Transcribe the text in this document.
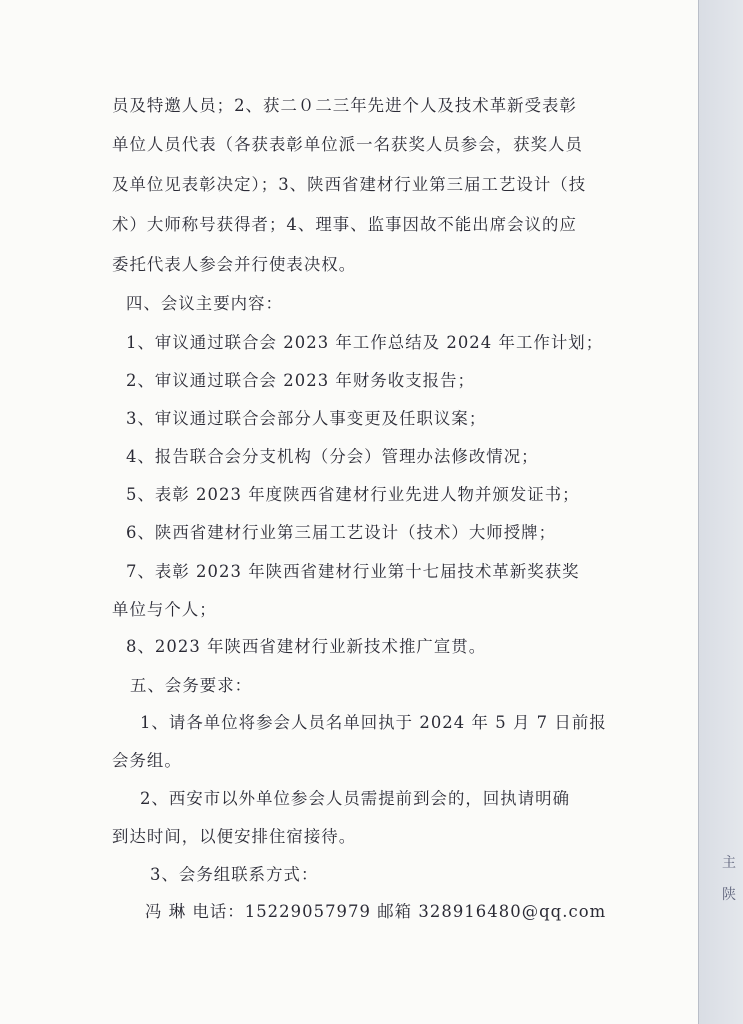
员及特邀人员；2、获二０二三年先进个人及技术革新受表彰
单位人员代表（各获表彰单位派一名获奖人员参会，获奖人员
及单位见表彰决定）；3、陕西省建材行业第三届工艺设计（技
术）大师称号获得者；4、理事、监事因故不能出席会议的应
委托代表人参会并行使表决权。
四、会议主要内容：
1、审议通过联合会 2023 年工作总结及 2024 年工作计划；
2、审议通过联合会 2023 年财务收支报告；
3、审议通过联合会部分人事变更及任职议案；
4、报告联合会分支机构（分会）管理办法修改情况；
5、表彰 2023 年度陕西省建材行业先进人物并颁发证书；
6、陕西省建材行业第三届工艺设计（技术）大师授牌；
7、表彰 2023 年陕西省建材行业第十七届技术革新奖获奖
单位与个人；
8、2023 年陕西省建材行业新技术推广宣贯。
五、会务要求：
1、请各单位将参会人员名单回执于 2024 年 5 月 7 日前报
会务组。
2、西安市以外单位参会人员需提前到会的，回执请明确
到达时间，以便安排住宿接待。
3、会务组联系方式：
冯 琳 电话：15229057979 邮箱 328916480@qq.com
主
陕
